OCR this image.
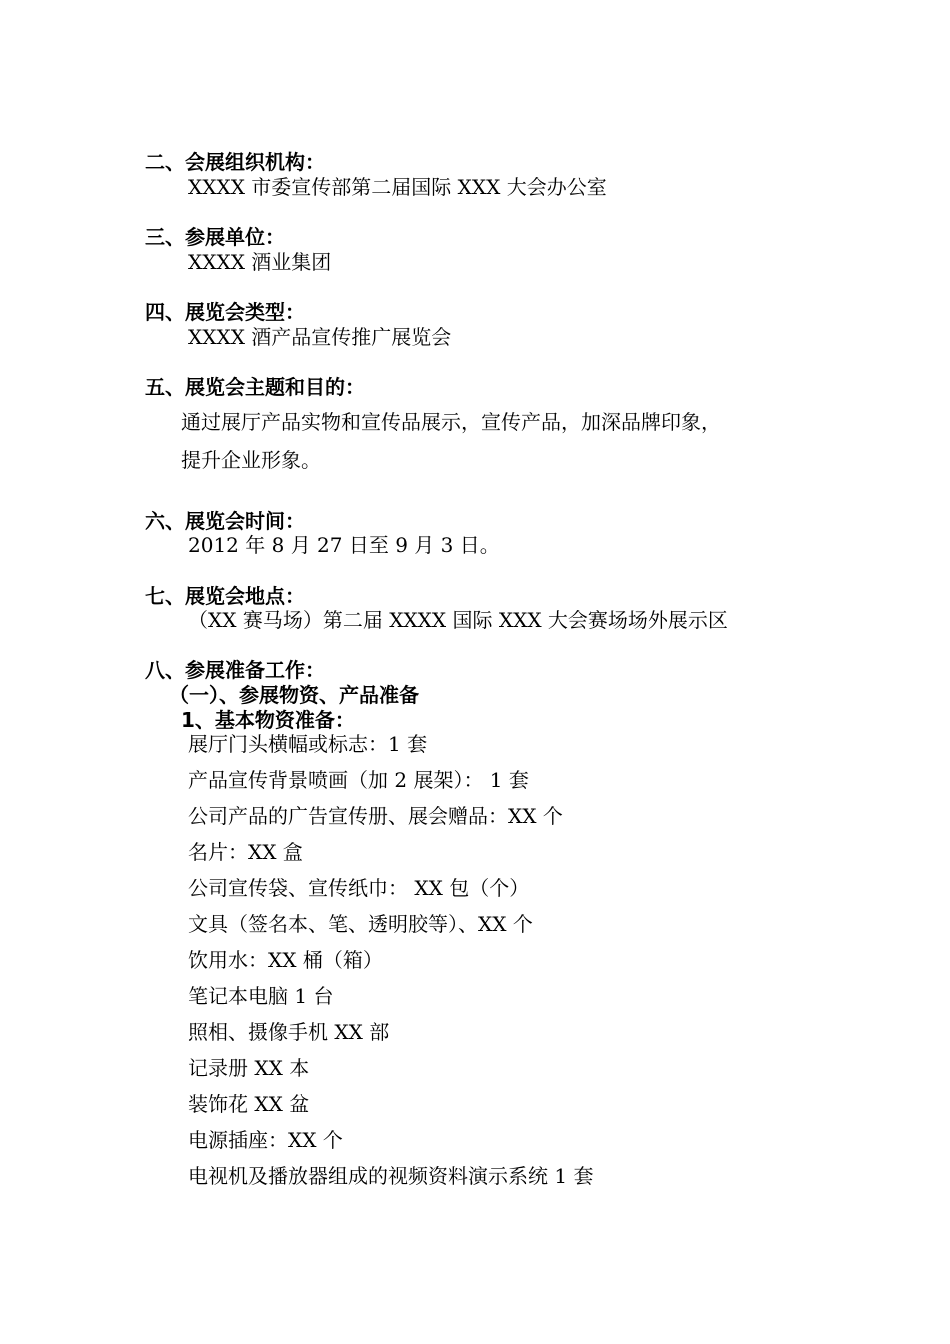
二、会展组织机构：
XXXX 市委宣传部第二届国际 XXX 大会办公室
三、参展单位：
XXXX 酒业集团
四、展览会类型：
XXXX 酒产品宣传推广展览会
五、展览会主题和目的：
通过展厅产品实物和宣传品展示，宣传产品，加深品牌印象，
提升企业形象。
六、展览会时间：
2012 年 8 月 27 日至 9 月 3 日。
七、展览会地点：
（XX 赛马场）第二届 XXXX 国际 XXX 大会赛场场外展示区
八、参展准备工作：
（一）、参展物资、产品准备
1、基本物资准备：
展厅门头横幅或标志：1 套
产品宣传背景喷画（加 2 展架）： 1 套
公司产品的广告宣传册、展会赠品：XX 个
名片：XX 盒
公司宣传袋、宣传纸巾： XX 包（个）
文具（签名本、笔、透明胶等）、XX 个
饮用水：XX 桶（箱）
笔记本电脑 1 台
照相、摄像手机 XX 部
记录册 XX 本
装饰花 XX 盆
电源插座：XX 个
电视机及播放器组成的视频资料演示系统 1 套
